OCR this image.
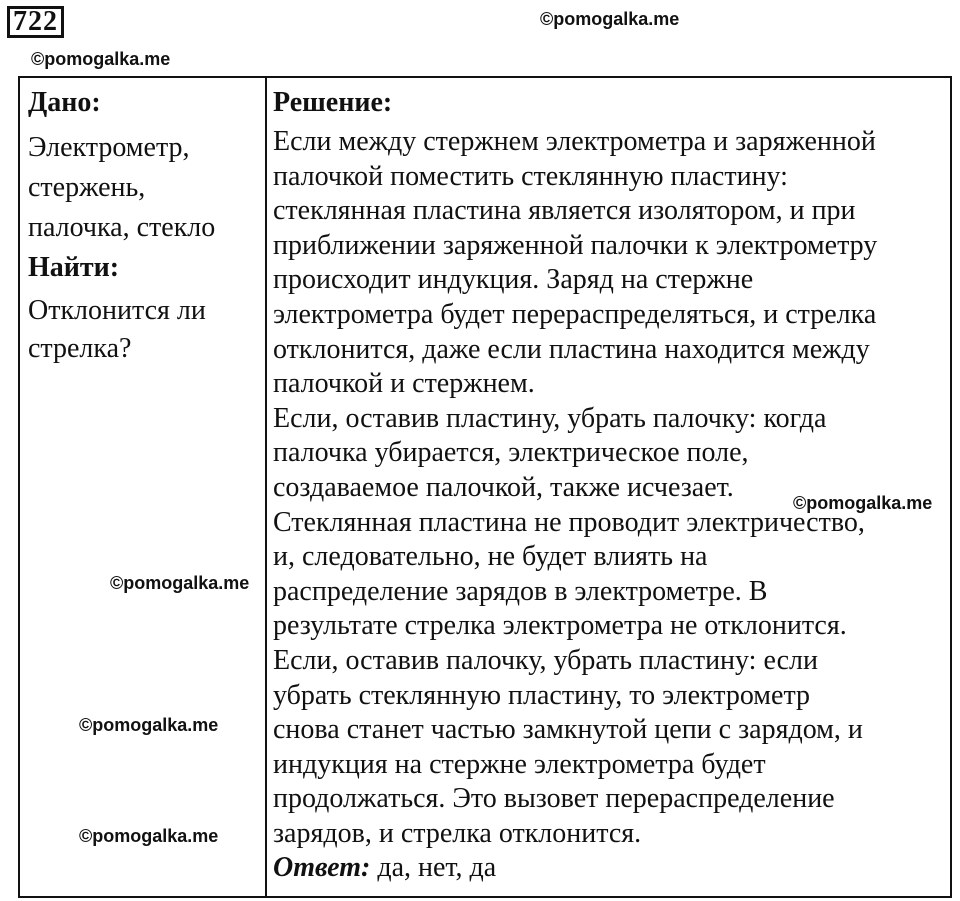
722	©pomogalka.me
©pomogalka.me
Дано:
Электрометр,
стержень,
палочка, стекло
Найти:
Отклонится ли
стрелка?
Решение:
Если между стержнем электрометра и заряженной
палочкой поместить стеклянную пластину:
стеклянная пластина является изолятором, и при
приближении заряженной палочки к электрометру
происходит индукция. Заряд на стержне
электрометра будет перераспределяться, и стрелка
отклонится, даже если пластина находится между
палочкой и стержнем.
Если, оставив пластину, убрать палочку: когда
палочка убирается, электрическое поле,
создаваемое палочкой, также исчезает.
Стеклянная пластина не проводит электричество,
и, следовательно, не будет влиять на
распределение зарядов в электрометре. В
результате стрелка электрометра не отклонится.
Если, оставив палочку, убрать пластину: если
убрать стеклянную пластину, то электрометр
снова станет частью замкнутой цепи с зарядом, и
индукция на стержне электрометра будет
продолжаться. Это вызовет перераспределение
зарядов, и стрелка отклонится.
Ответ: да, нет, да
©pomogalka.me
©pomogalka.me
©pomogalka.me
©pomogalka.me
